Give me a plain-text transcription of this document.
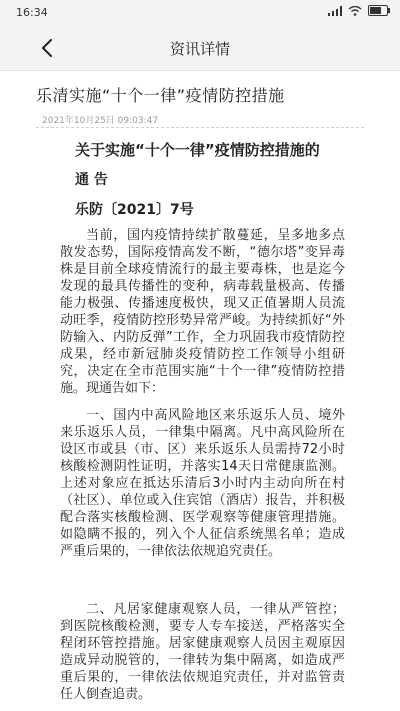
16:34
资讯详情
乐清实施“十个一律”疫情防控措施
2021年10月25日 09:03:47
关于实施“十个一律”疫情防控措施的
通 告
乐防〔2021〕7号

当前，国内疫情持续扩散蔓延，呈多地多点散发态势，国际疫情高发不断，“德尔塔”变异毒株是目前全球疫情流行的最主要毒株，也是迄今发现的最具传播性的变种，病毒载量极高、传播能力极强、传播速度极快，现又正值暑期人员流动旺季，疫情防控形势异常严峻。为持续抓好“外防输入、内防反弹”工作，全力巩固我市疫情防控成果，经市新冠肺炎疫情防控工作领导小组研究，决定在全市范围实施“十个一律”疫情防控措施。现通告如下：

一、国内中高风险地区来乐返乐人员、境外来乐返乐人员，一律集中隔离。凡中高风险所在设区市或县（市、区）来乐返乐人员需持72小时核酸检测阴性证明，并落实14天日常健康监测。上述对象应在抵达乐清后3小时内主动向所在村（社区）、单位或入住宾馆（酒店）报告，并积极配合落实核酸检测、医学观察等健康管理措施。如隐瞒不报的，列入个人征信系统黑名单；造成严重后果的，一律依法依规追究责任。

二、凡居家健康观察人员，一律从严管控；到医院核酸检测，要专人专车接送，严格落实全程闭环管控措施。居家健康观察人员因主观原因造成异动脱管的，一律转为集中隔离，如造成严重后果的，一律依法依规追究责任，并对监管责任人倒查追责。
